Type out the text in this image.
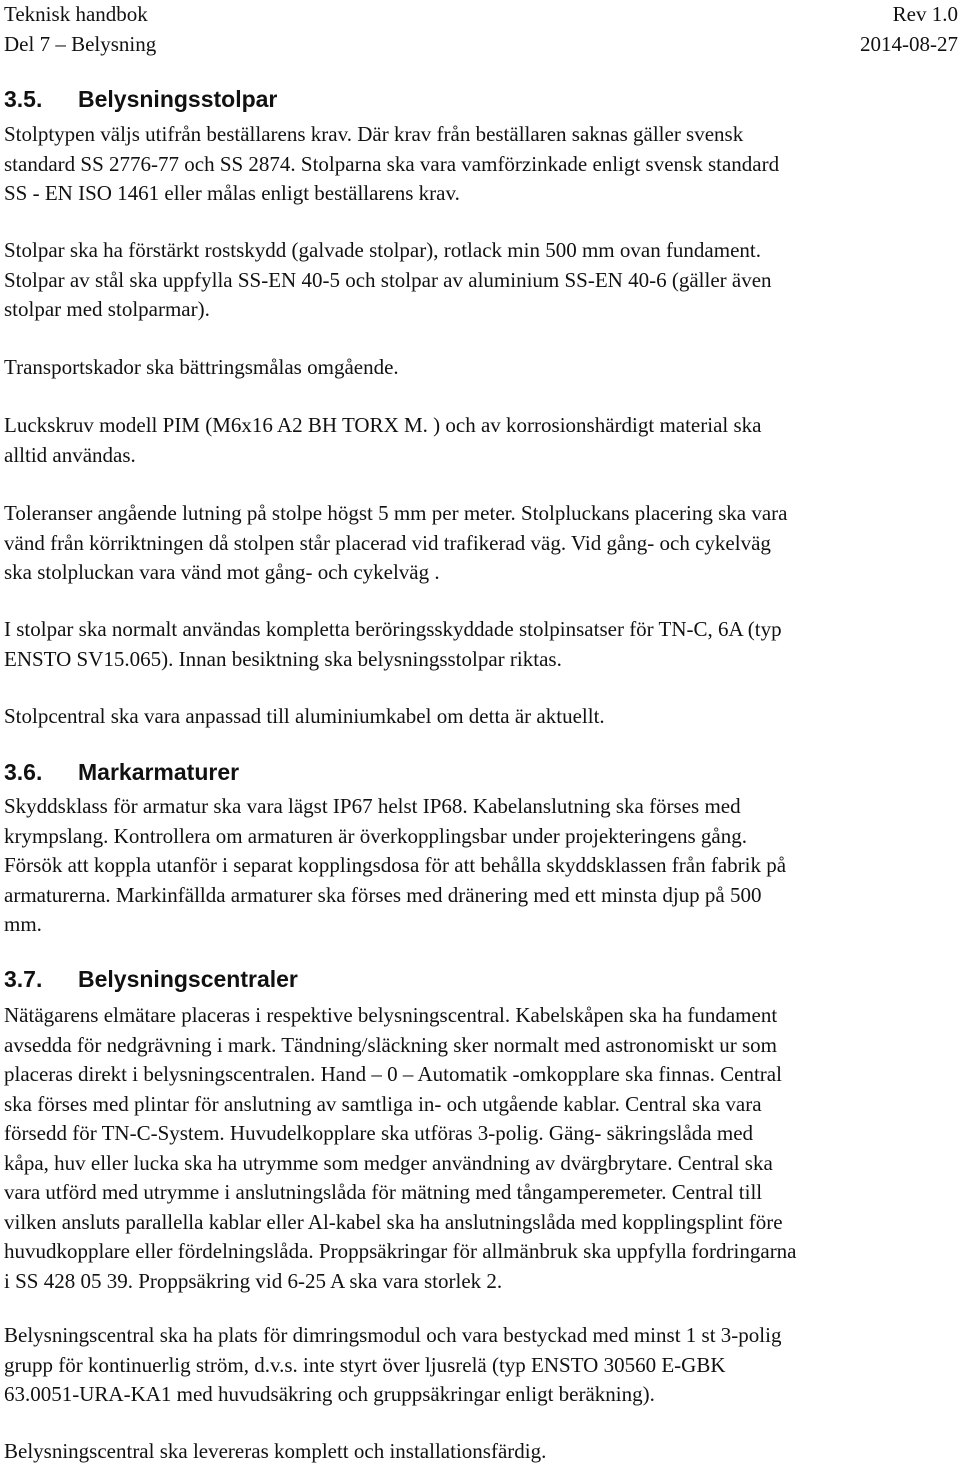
Teknisk handbok	Rev 1.0
Del 7 – Belysning	2014-08-27
3.5. Belysningsstolpar
Stolptypen väljs utifrån beställarens krav. Där krav från beställaren saknas gäller svensk
standard SS 2776-77 och SS 2874. Stolparna ska vara vamförzinkade enligt svensk standard
SS - EN ISO 1461 eller målas enligt beställarens krav.
Stolpar ska ha förstärkt rostskydd (galvade stolpar), rotlack min 500 mm ovan fundament.
Stolpar av stål ska uppfylla SS-EN 40-5 och stolpar av aluminium SS-EN 40-6 (gäller även
stolpar med stolparmar).
Transportskador ska bättringsmålas omgående.
Luckskruv modell PIM (M6x16 A2 BH TORX M. ) och av korrosionshärdigt material ska
alltid användas.
Toleranser angående lutning på stolpe högst 5 mm per meter. Stolpluckans placering ska vara
vänd från körriktningen då stolpen står placerad vid trafikerad väg. Vid gång- och cykelväg
ska stolpluckan vara vänd mot gång- och cykelväg .
I stolpar ska normalt användas kompletta beröringsskyddade stolpinsatser för TN-C, 6A (typ
ENSTO SV15.065). Innan besiktning ska belysningsstolpar riktas.
Stolpcentral ska vara anpassad till aluminiumkabel om detta är aktuellt.
3.6. Markarmaturer
Skyddsklass för armatur ska vara lägst IP67 helst IP68. Kabelanslutning ska förses med
krympslang. Kontrollera om armaturen är överkopplingsbar under projekteringens gång.
Försök att koppla utanför i separat kopplingsdosa för att behålla skyddsklassen från fabrik på
armaturerna. Markinfällda armaturer ska förses med dränering med ett minsta djup på 500
mm.
3.7. Belysningscentraler
Nätägarens elmätare placeras i respektive belysningscentral. Kabelskåpen ska ha fundament
avsedda för nedgrävning i mark. Tändning/släckning sker normalt med astronomiskt ur som
placeras direkt i belysningscentralen. Hand – 0 – Automatik -omkopplare ska finnas. Central
ska förses med plintar för anslutning av samtliga in- och utgående kablar. Central ska vara
försedd för TN-C-System. Huvudelkopplare ska utföras 3-polig. Gäng- säkringslåda med
kåpa, huv eller lucka ska ha utrymme som medger användning av dvärgbrytare. Central ska
vara utförd med utrymme i anslutningslåda för mätning med tångamperemeter. Central till
vilken ansluts parallella kablar eller Al-kabel ska ha anslutningslåda med kopplingsplint före
huvudkopplare eller fördelningslåda. Proppsäkringar för allmänbruk ska uppfylla fordringarna
i SS 428 05 39. Proppsäkring vid 6-25 A ska vara storlek 2.
Belysningscentral ska ha plats för dimringsmodul och vara bestyckad med minst 1 st 3-polig
grupp för kontinuerlig ström, d.v.s. inte styrt över ljusrelä (typ ENSTO 30560 E-GBK
63.0051-URA-KA1 med huvudsäkring och gruppsäkringar enligt beräkning).
Belysningscentral ska levereras komplett och installationsfärdig.
